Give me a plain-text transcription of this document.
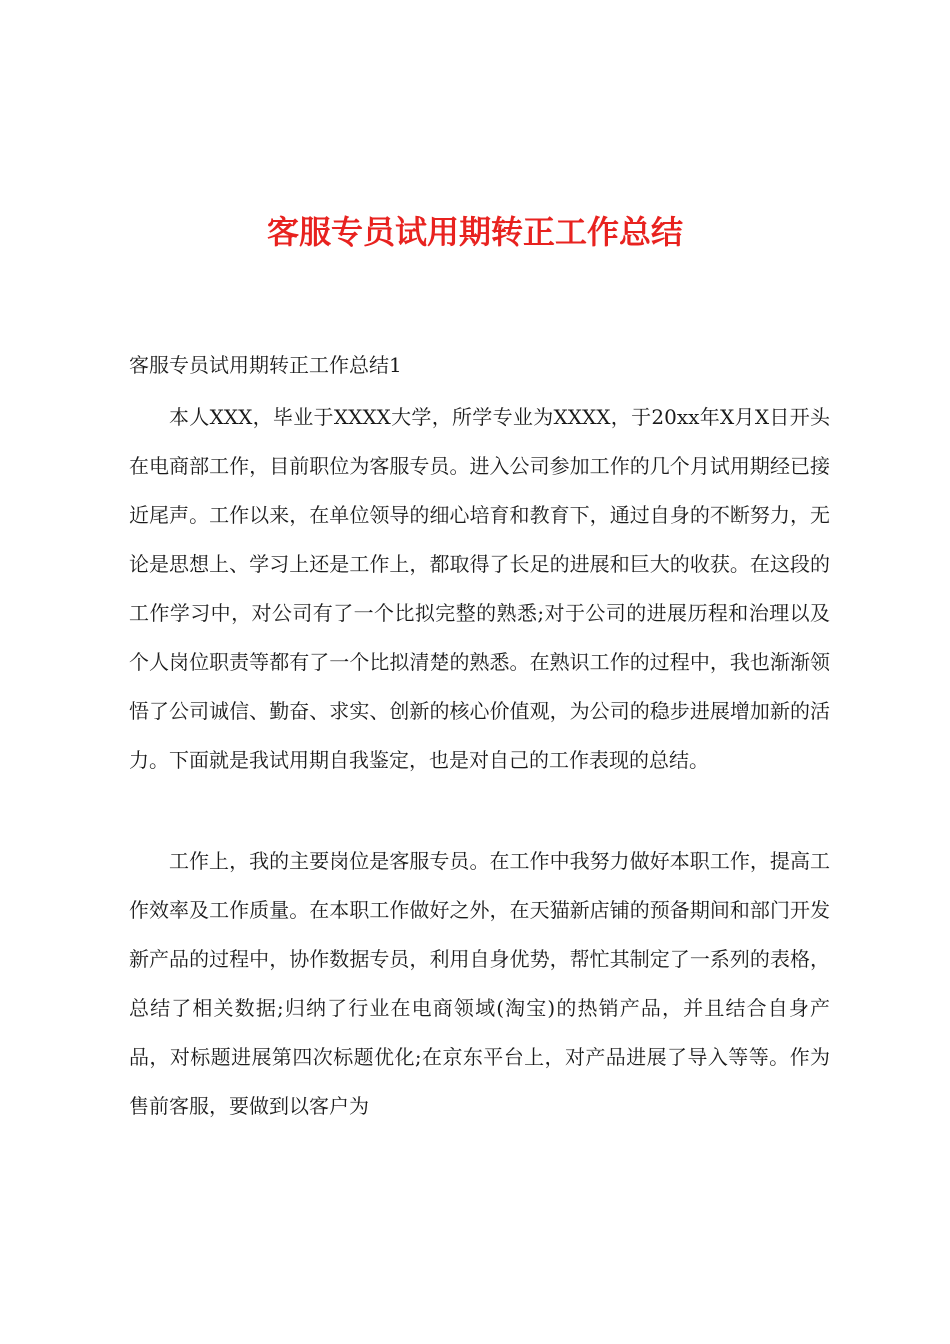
客服专员试用期转正工作总结

客服专员试用期转正工作总结1

本人XXX，毕业于XXXX大学，所学专业为XXXX，于20xx年X月X日开头在电商部工作，目前职位为客服专员。进入公司参加工作的几个月试用期经已接近尾声。工作以来，在单位领导的细心培育和教育下，通过自身的不断努力，无论是思想上、学习上还是工作上，都取得了长足的进展和巨大的收获。在这段的工作学习中，对公司有了一个比拟完整的熟悉;对于公司的进展历程和治理以及个人岗位职责等都有了一个比拟清楚的熟悉。在熟识工作的过程中，我也渐渐领悟了公司诚信、勤奋、求实、创新的核心价值观，为公司的稳步进展增加新的活力。下面就是我试用期自我鉴定，也是对自己的工作表现的总结。

工作上，我的主要岗位是客服专员。在工作中我努力做好本职工作，提高工作效率及工作质量。在本职工作做好之外，在天猫新店铺的预备期间和部门开发新产品的过程中，协作数据专员，利用自身优势，帮忙其制定了一系列的表格，总结了相关数据;归纳了行业在电商领域(淘宝)的热销产品，并且结合自身产品，对标题进展第四次标题优化;在京东平台上，对产品进展了导入等等。作为售前客服，要做到以客户为
